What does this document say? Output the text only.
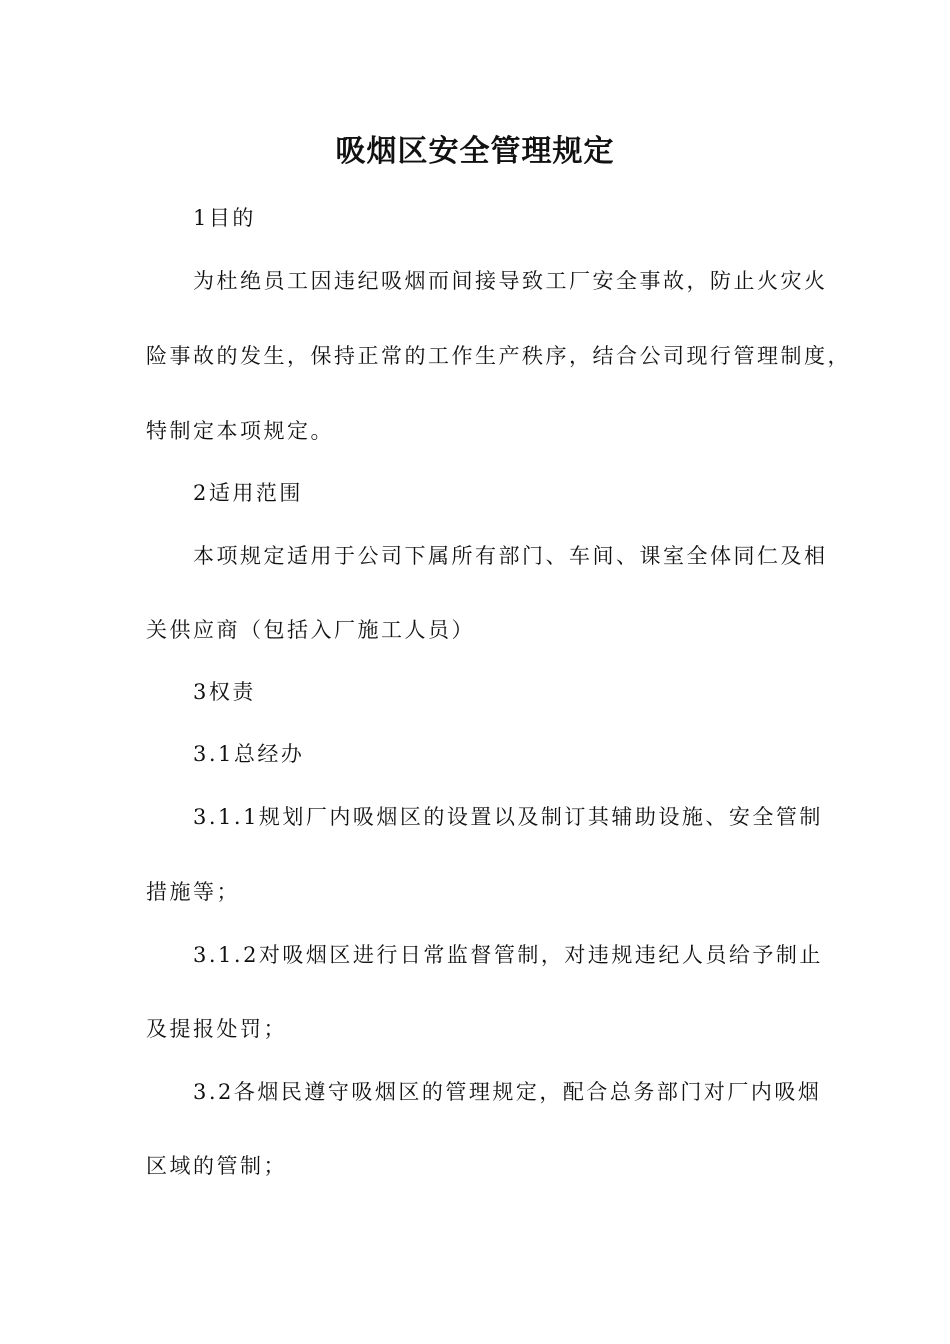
吸烟区安全管理规定
1目的
为杜绝员工因违纪吸烟而间接导致工厂安全事故，防止火灾火
险事故的发生，保持正常的工作生产秩序，结合公司现行管理制度，
特制定本项规定。
2适用范围
本项规定适用于公司下属所有部门、车间、课室全体同仁及相
关供应商（包括入厂施工人员）
3权责
3.1总经办
3.1.1规划厂内吸烟区的设置以及制订其辅助设施、安全管制
措施等；
3.1.2对吸烟区进行日常监督管制，对违规违纪人员给予制止
及提报处罚；
3.2各烟民遵守吸烟区的管理规定，配合总务部门对厂内吸烟
区域的管制；
